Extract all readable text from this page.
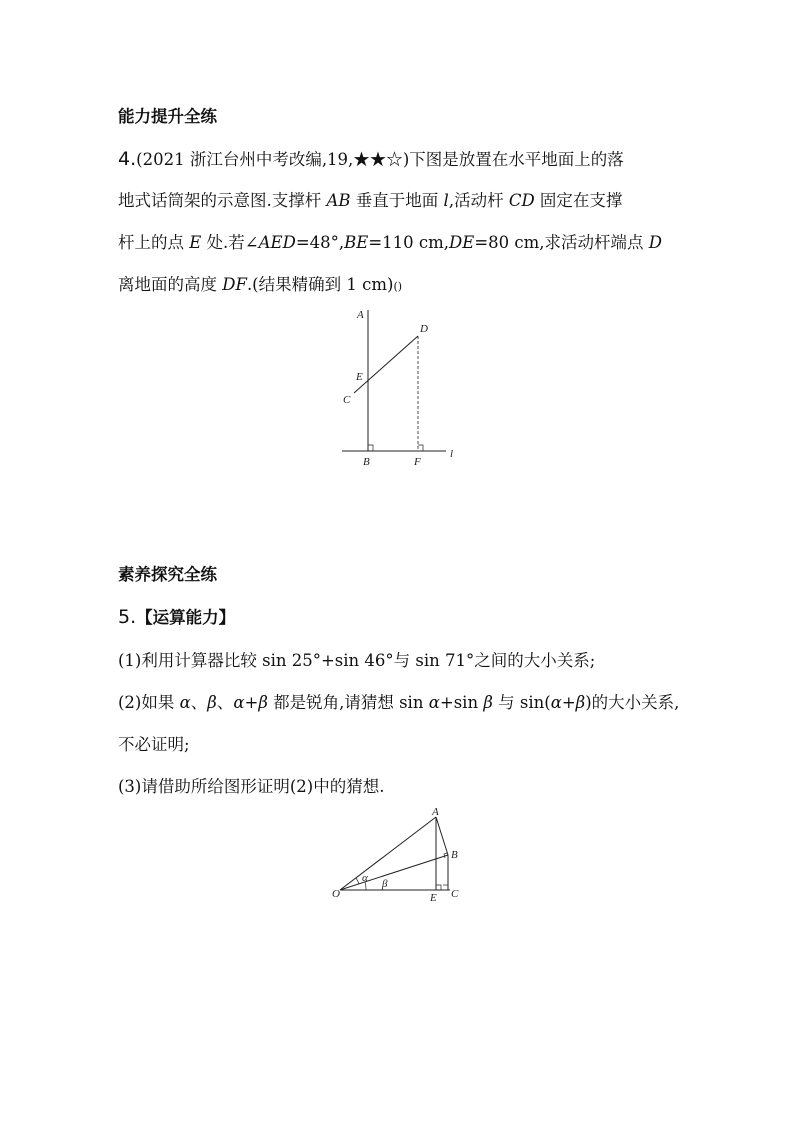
能力提升全练
4.(2021 浙江台州中考改编,19,★★☆)下图是放置在水平地面上的落
地式话筒架的示意图.支撑杆 AB 垂直于地面 l,活动杆 CD 固定在支撑
杆上的点 E 处.若∠AED=48°,BE=110 cm,DE=80 cm,求活动杆端点 D
离地面的高度 DF.(结果精确到 1 cm)()
A
D
E
C
B	F
l
素养探究全练
5.【运算能力】
(1)利用计算器比较 sin 25°+sin 46°与 sin 71°之间的大小关系;
(2)如果 α、β、α+β 都是锐角,请猜想 sin α+sin β 与 sin(α+β)的大小关系,
不必证明;
(3)请借助所给图形证明(2)中的猜想.
A
B
O	E C
α β
